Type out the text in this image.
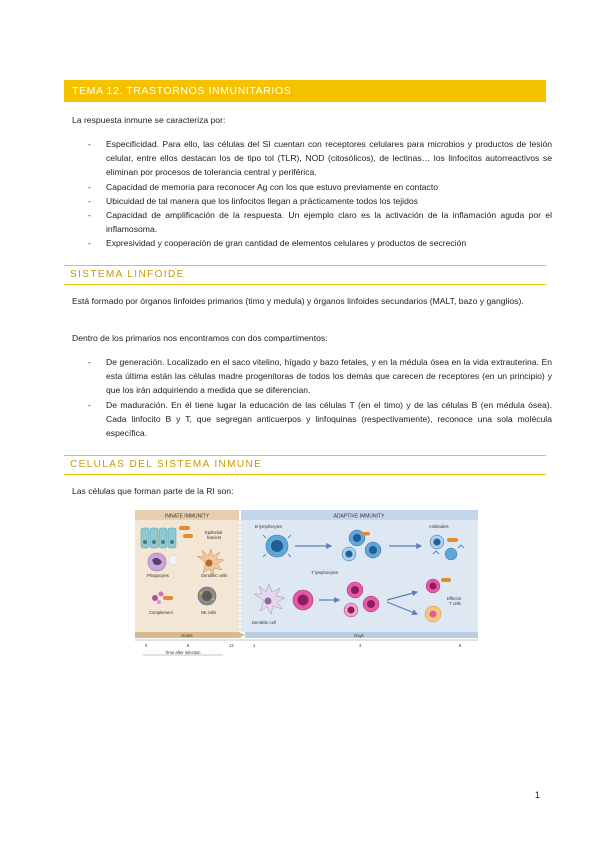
TEMA 12. TRASTORNOS INMUNITARIOS
La respuesta inmune se caracteriza por:
- Especificidad. Para ello, las células del SI cuentan con receptores celulares para microbios y productos de lesión celular, entre ellos destacan los de tipo tol (TLR), NOD (citosólicos), de lectinas… los linfocitos autorreactivos se eliminan por procesos de tolerancia central y periférica.
- Capacidad de memoria para reconocer Ag con los que estuvo previamente en contacto
- Ubicuidad de tal manera que los linfocitos llegan a prácticamente todos los tejidos
- Capacidad de amplificación de la respuesta. Un ejemplo claro es la activación de la inflamación aguda por el inflamosoma.
- Expresividad y cooperación de gran cantidad de elementos celulares y productos de secreción
SISTEMA LINFOIDE
Está formado por órganos linfoides primarios (timo y medula) y órganos linfoides secundarios (MALT, bazo y ganglios).
Dentro de los primarios nos encontramos con dos compartimentos:
- De generación. Localizado en el saco vitelino, hígado y bazo fetales, y en la médula ósea en la vida extrauterina. En esta última están las células madre progenitoras de todos los demás que carecen de receptores (en un principio) y que los irán adquiriendo a medida que se diferencian.
- De maduración. En él tiene lugar la educación de las células T (en el timo) y de las células B (en médula ósea). Cada linfocito B y T, que segregan anticuerpos y linfoquinas (respectivamente), reconoce una sola molécula específica.
CELULAS DEL SISTEMA INMUNE
Las células que forman parte de la RI son:
INNATE IMMUNITY	ADAPTIVE IMMUNITY
Epithelial
barriers
Phagocytes	Dendritic cells
Complement	NK cells
B lymphocytes	Antibodies
T lymphocytes
Effector
T cells
Dendritic cell
Hours	Days
0	6	12	1	3	5
Time after infection
1
